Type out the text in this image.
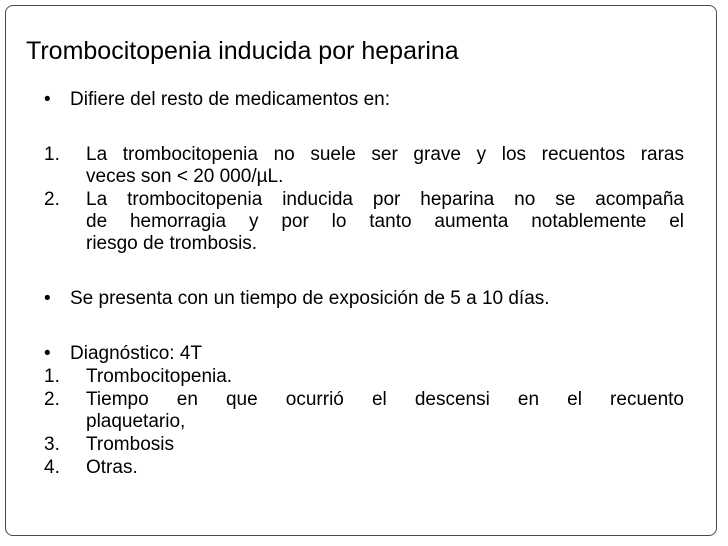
Trombocitopenia inducida por heparina
• Difiere del resto de medicamentos en:
1. La trombocitopenia no suele ser grave y los recuentos raras
veces son < 20 000/µL.
2. La trombocitopenia inducida por heparina no se acompaña
de hemorragia y por lo tanto aumenta notablemente el
riesgo de trombosis.
• Se presenta con un tiempo de exposición de 5 a 10 días.
• Diagnóstico: 4T
1. Trombocitopenia.
2. Tiempo en que ocurrió el descensi en el recuento
plaquetario,
3. Trombosis
4. Otras.
